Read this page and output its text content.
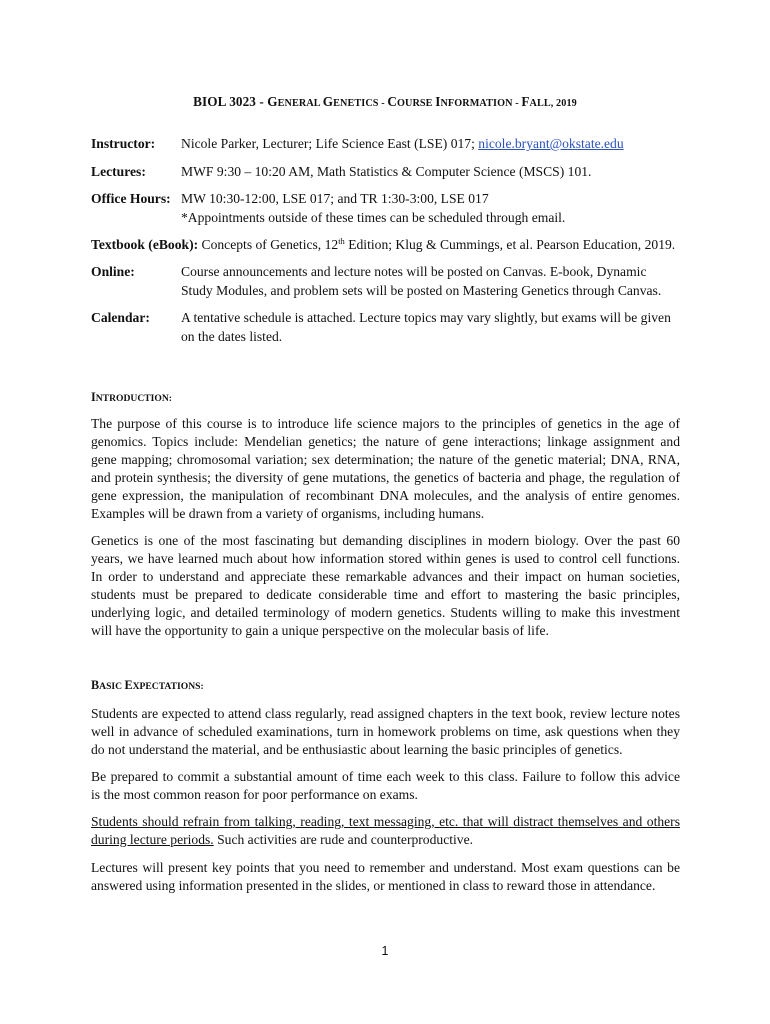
BIOL 3023 - GENERAL GENETICS - COURSE INFORMATION - FALL, 2019
Instructor: Nicole Parker, Lecturer; Life Science East (LSE) 017; nicole.bryant@okstate.edu
Lectures:	MWF 9:30 – 10:20 AM, Math Statistics & Computer Science (MSCS) 101.
Office Hours: MW 10:30-12:00, LSE 017; and TR 1:30-3:00, LSE 017
*Appointments outside of these times can be scheduled through email.
Textbook (eBook): Concepts of Genetics, 12th Edition; Klug & Cummings, et al. Pearson Education, 2019.
Online:	Course announcements and lecture notes will be posted on Canvas. E-book, Dynamic
Study Modules, and problem sets will be posted on Mastering Genetics through Canvas.
Calendar: A tentative schedule is attached. Lecture topics may vary slightly, but exams will be given
on the dates listed.
INTRODUCTION:
The purpose of this course is to introduce life science majors to the principles of genetics in the age of
genomics. Topics include: Mendelian genetics; the nature of gene interactions; linkage assignment and
gene mapping; chromosomal variation; sex determination; the nature of the genetic material; DNA, RNA,
and protein synthesis; the diversity of gene mutations, the genetics of bacteria and phage, the regulation of
gene expression, the manipulation of recombinant DNA molecules, and the analysis of entire genomes.
Examples will be drawn from a variety of organisms, including humans.
Genetics is one of the most fascinating but demanding disciplines in modern biology. Over the past 60
years, we have learned much about how information stored within genes is used to control cell functions.
In order to understand and appreciate these remarkable advances and their impact on human societies,
students must be prepared to dedicate considerable time and effort to mastering the basic principles,
underlying logic, and detailed terminology of modern genetics. Students willing to make this investment
will have the opportunity to gain a unique perspective on the molecular basis of life.
BASIC EXPECTATIONS:
Students are expected to attend class regularly, read assigned chapters in the text book, review lecture notes
well in advance of scheduled examinations, turn in homework problems on time, ask questions when they
do not understand the material, and be enthusiastic about learning the basic principles of genetics.
Be prepared to commit a substantial amount of time each week to this class. Failure to follow this advice
is the most common reason for poor performance on exams.
Students should refrain from talking, reading, text messaging, etc. that will distract themselves and others
during lecture periods. Such activities are rude and counterproductive.
Lectures will present key points that you need to remember and understand. Most exam questions can be
answered using information presented in the slides, or mentioned in class to reward those in attendance.
1
